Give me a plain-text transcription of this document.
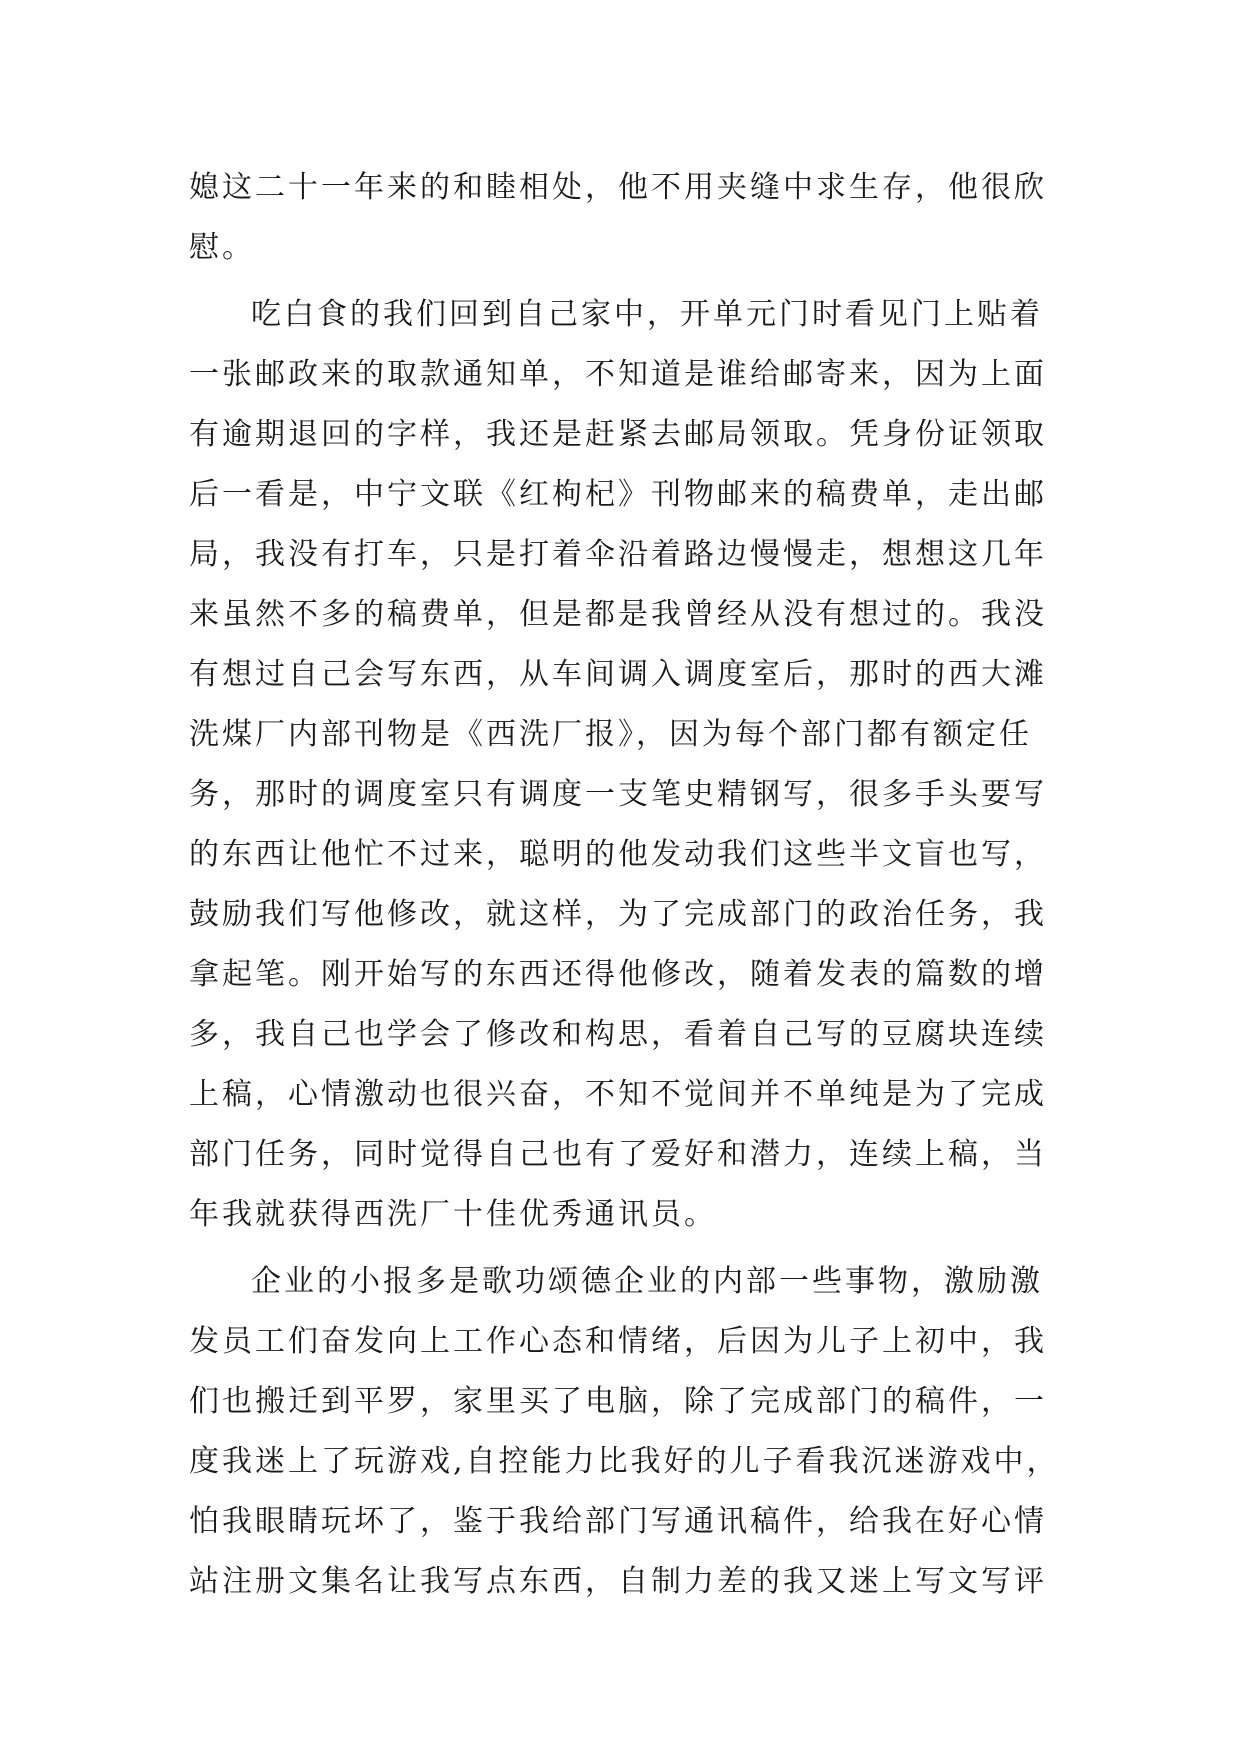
媳这二十一年来的和睦相处，他不用夹缝中求生存，他很欣
慰。
吃白食的我们回到自己家中，开单元门时看见门上贴着
一张邮政来的取款通知单，不知道是谁给邮寄来，因为上面
有逾期退回的字样，我还是赶紧去邮局领取。凭身份证领取
后一看是，中宁文联《红枸杞》刊物邮来的稿费单，走出邮
局，我没有打车，只是打着伞沿着路边慢慢走，想想这几年
来虽然不多的稿费单，但是都是我曾经从没有想过的。我没
有想过自己会写东西，从车间调入调度室后，那时的西大滩
洗煤厂内部刊物是《西洗厂报》，因为每个部门都有额定任
务，那时的调度室只有调度一支笔史精钢写，很多手头要写
的东西让他忙不过来，聪明的他发动我们这些半文盲也写，
鼓励我们写他修改，就这样，为了完成部门的政治任务，我
拿起笔。刚开始写的东西还得他修改，随着发表的篇数的增
多，我自己也学会了修改和构思，看着自己写的豆腐块连续
上稿，心情激动也很兴奋，不知不觉间并不单纯是为了完成
部门任务，同时觉得自己也有了爱好和潜力，连续上稿，当
年我就获得西洗厂十佳优秀通讯员。
企业的小报多是歌功颂德企业的内部一些事物，激励激
发员工们奋发向上工作心态和情绪，后因为儿子上初中，我
们也搬迁到平罗，家里买了电脑，除了完成部门的稿件，一
度我迷上了玩游戏,自控能力比我好的儿子看我沉迷游戏中，
怕我眼睛玩坏了，鉴于我给部门写通讯稿件，给我在好心情
站注册文集名让我写点东西，自制力差的我又迷上写文写评
